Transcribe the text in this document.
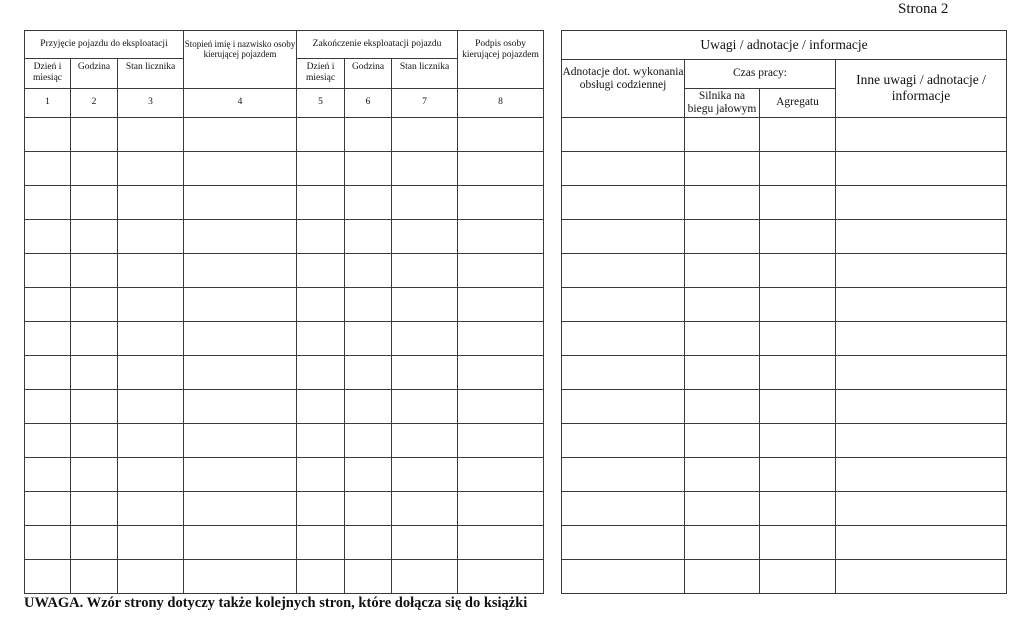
Strona 2
Przyjęcie pojazdu do eksploatacji			Stopień imię i nazwisko osoby kierującej pojazdem	Zakończenie eksploatacji pojazdu			Podpis osoby kierującej pojazdem
Dzień i miesiąc	Godzina	Stan licznika		Dzień i miesiąc	Godzina	Stan licznika	
1	2	3	4	5	6	7	8

Uwagi / adnotacje / informacje			
Adnotacje dot. wykonania obsługi codziennej	Czas pracy:		Inne uwagi / adnotacje / informacje
	Silnika na biegu jałowym	Agregatu	

UWAGA. Wzór strony dotyczy także kolejnych stron, które dołącza się do książki
